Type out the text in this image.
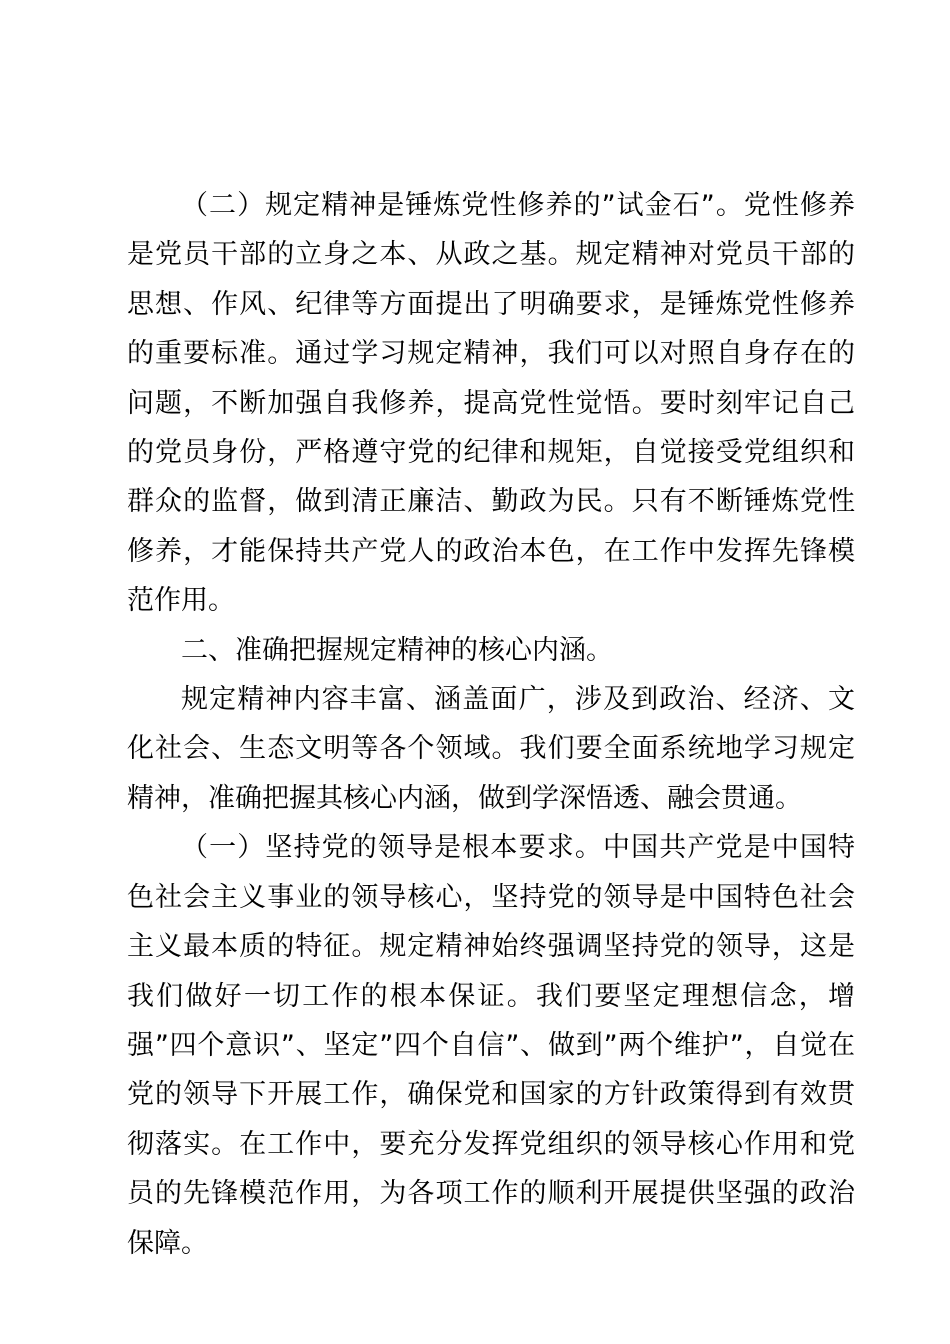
（二）规定精神是锤炼党性修养的”试金石”。党性修养是党员干部的立身之本、从政之基。规定精神对党员干部的思想、作风、纪律等方面提出了明确要求，是锤炼党性修养的重要标准。通过学习规定精神，我们可以对照自身存在的问题，不断加强自我修养，提高党性觉悟。要时刻牢记自己的党员身份，严格遵守党的纪律和规矩，自觉接受党组织和群众的监督，做到清正廉洁、勤政为民。只有不断锤炼党性修养，才能保持共产党人的政治本色，在工作中发挥先锋模范作用。

二、准确把握规定精神的核心内涵。

规定精神内容丰富、涵盖面广，涉及到政治、经济、文化社会、生态文明等各个领域。我们要全面系统地学习规定精神，准确把握其核心内涵，做到学深悟透、融会贯通。

（一）坚持党的领导是根本要求。中国共产党是中国特色社会主义事业的领导核心，坚持党的领导是中国特色社会主义最本质的特征。规定精神始终强调坚持党的领导，这是我们做好一切工作的根本保证。我们要坚定理想信念，增强”四个意识”、坚定”四个自信”、做到”两个维护”，自觉在党的领导下开展工作，确保党和国家的方针政策得到有效贯彻落实。在工作中，要充分发挥党组织的领导核心作用和党员的先锋模范作用，为各项工作的顺利开展提供坚强的政治保障。
